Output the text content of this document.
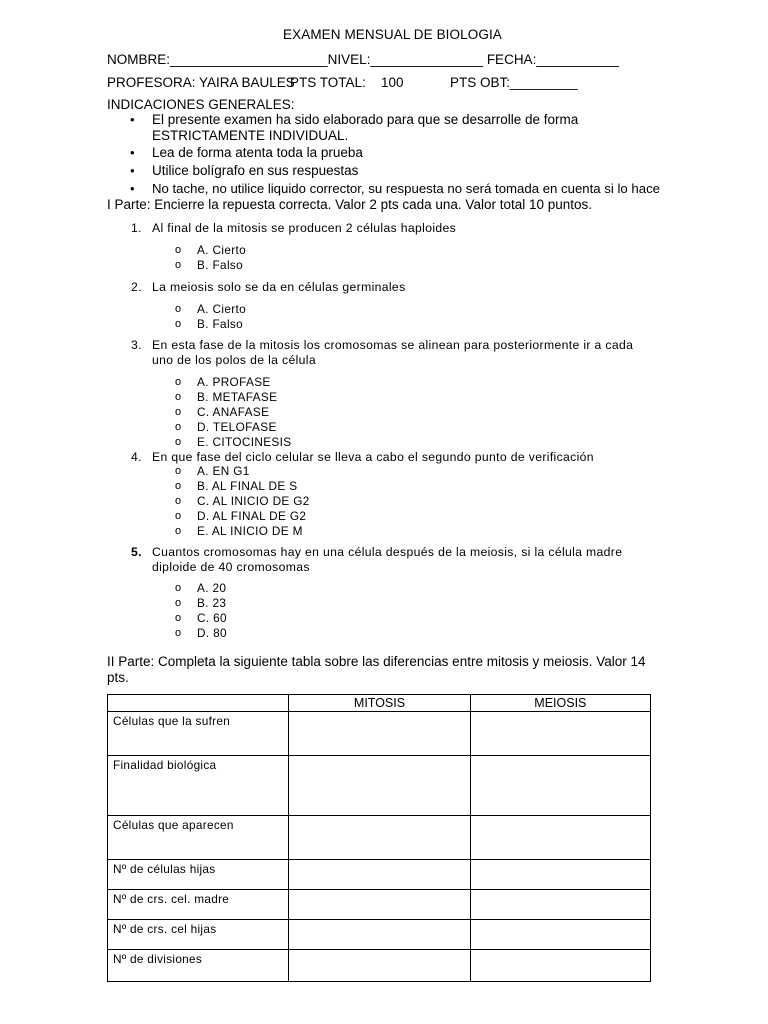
EXAMEN MENSUAL DE BIOLOGIA
NOMBRE:_____________________NIVEL:_______________ FECHA:___________
PROFESORA: YAIRA BAULES
PTS TOTAL: 100	PTS OBT:_________
INDICACIONES GENERALES:
• El presente examen ha sido elaborado para que se desarrolle de forma
ESTRICTAMENTE INDIVIDUAL.
• Lea de forma atenta toda la prueba
• Utilice bolígrafo en sus respuestas
• No tache, no utilice liquido corrector, su respuesta no será tomada en cuenta si lo hace
I Parte: Encierre la repuesta correcta. Valor 2 pts cada una. Valor total 10 puntos.
1. Al final de la mitosis se producen 2 células haploides
o A. Cierto
o B. Falso
2. La meiosis solo se da en células germinales
o A. Cierto
o B. Falso
3. En esta fase de la mitosis los cromosomas se alinean para posteriormente ir a cada
uno de los polos de la célula
o A. PROFASE
o B. METAFASE
o C. ANAFASE
o D. TELOFASE
o E. CITOCINESIS
4. En que fase del ciclo celular se lleva a cabo el segundo punto de verificación
o A. EN G1
o B. AL FINAL DE S
o C. AL INICIO DE G2
o D. AL FINAL DE G2
o E. AL INICIO DE M
5. Cuantos cromosomas hay en una célula después de la meiosis, si la célula madre
diploide de 40 cromosomas
o A. 20
o B. 23
o C. 60
o D. 80
II Parte: Completa la siguiente tabla sobre las diferencias entre mitosis y meiosis. Valor 14
pts.
	MITOSIS	MEIOSIS
Células que la sufren		
Finalidad biológica		
Células que aparecen		
Nº de células hijas		
Nº de crs. cel. madre		
Nº de crs. cel hijas		
Nº de divisiones		
